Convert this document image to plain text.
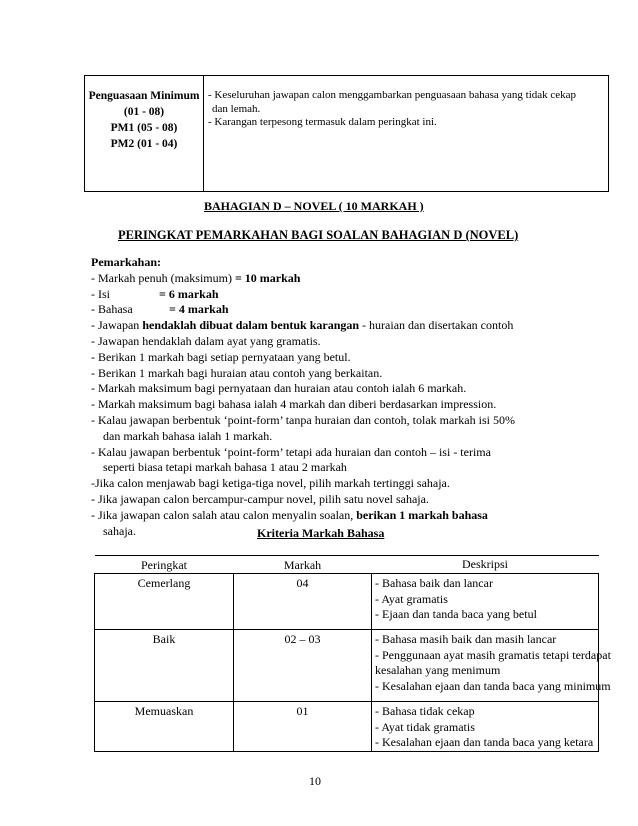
Penguasaan Minimum
(01 - 08)
PM1 (05 - 08)
PM2 (01 - 04)

- Keseluruhan jawapan calon menggambarkan penguasaan bahasa yang tidak cekap
dan lemah.
- Karangan terpesong termasuk dalam peringkat ini.
BAHAGIAN D – NOVEL ( 10 MARKAH )
PERINGKAT PEMARKAHAN BAGI SOALAN BAHAGIAN D (NOVEL)
Pemarkahan:
- Markah penuh (maksimum) = 10 markah
- Isi	= 6 markah
- Bahasa	= 4 markah
- Jawapan hendaklah dibuat dalam bentuk karangan - huraian dan disertakan contoh
- Jawapan hendaklah dalam ayat yang gramatis.
- Berikan 1 markah bagi setiap pernyataan yang betul.
- Berikan 1 markah bagi huraian atau contoh yang berkaitan.
- Markah maksimum bagi pernyataan dan huraian atau contoh ialah 6 markah.
- Markah maksimum bagi bahasa ialah 4 markah dan diberi berdasarkan impression.
- Kalau jawapan berbentuk ‘point-form’ tanpa huraian dan contoh, tolak markah isi 50%
dan markah bahasa ialah 1 markah.
- Kalau jawapan berbentuk ‘point-form’ tetapi ada huraian dan contoh – isi - terima
seperti biasa tetapi markah bahasa 1 atau 2 markah
-Jika calon menjawab bagi ketiga-tiga novel, pilih markah tertinggi sahaja.
- Jika jawapan calon bercampur-campur novel, pilih satu novel sahaja.
- Jika jawapan calon salah atau calon menyalin soalan, berikan 1 markah bahasa
sahaja.	Kriteria Markah Bahasa
Peringkat	Markah	Deskripsi
Cemerlang	04	- Bahasa baik dan lancar
- Ayat gramatis
- Ejaan dan tanda baca yang betul

Baik	02 – 03	- Bahasa masih baik dan masih lancar
- Penggunaan ayat masih gramatis tetapi terdapat
kesalahan yang menimum
- Kesalahan ejaan dan tanda baca yang minimum

Memuaskan	01	- Bahasa tidak cekap
- Ayat tidak gramatis
- Kesalahan ejaan dan tanda baca yang ketara
10
